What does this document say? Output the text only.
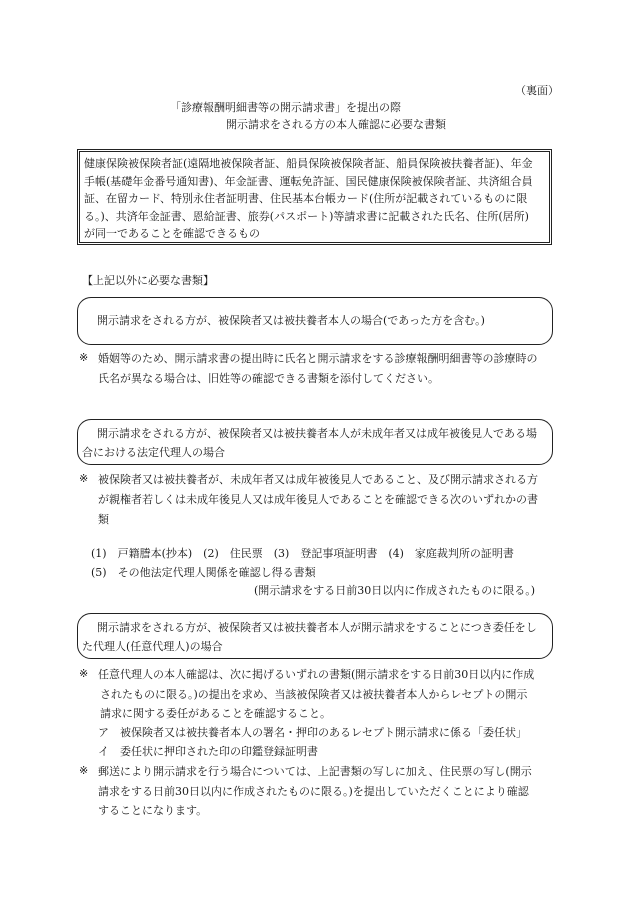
（裏面）
「診療報酬明細書等の開示請求書」を提出の際
開示請求をされる方の本人確認に必要な書類
健康保険被保険者証(遠隔地被保険者証、船員保険被保険者証、船員保険被扶養者証)、年金
手帳(基礎年金番号通知書)、年金証書、運転免許証、国民健康保険被保険者証、共済組合員
証、在留カード、特別永住者証明書、住民基本台帳カード(住所が記載されているものに限
る。)、共済年金証書、恩給証書、旅券(パスポート)等請求書に記載された氏名、住所(居所)
が同一であることを確認できるもの
【上記以外に必要な書類】
開示請求をされる方が、被保険者又は被扶養者本人の場合(であった方を含む。)
※ 婚姻等のため、開示請求書の提出時に氏名と開示請求をする診療報酬明細書等の診療時の
氏名が異なる場合は、旧姓等の確認できる書類を添付してください。
開示請求をされる方が、被保険者又は被扶養者本人が未成年者又は成年被後見人である場
合における法定代理人の場合
※ 被保険者又は被扶養者が、未成年者又は成年被後見人であること、及び開示請求される方
が親権者若しくは未成年後見人又は成年後見人であることを確認できる次のいずれかの書
類
(1)　戸籍謄本(抄本)　(2)　住民票　(3)　登記事項証明書　(4)　家庭裁判所の証明書
(5)　その他法定代理人関係を確認し得る書類
(開示請求をする日前30日以内に作成されたものに限る。)
開示請求をされる方が、被保険者又は被扶養者本人が開示請求をすることにつき委任をし
た代理人(任意代理人)の場合
※ 任意代理人の本人確認は、次に掲げるいずれの書類(開示請求をする日前30日以内に作成
されたものに限る。)の提出を求め、当該被保険者又は被扶養者本人からレセプトの開示
請求に関する委任があることを確認すること。
ア　被保険者又は被扶養者本人の署名・押印のあるレセプト開示請求に係る「委任状」
イ　委任状に押印された印の印鑑登録証明書
※ 郵送により開示請求を行う場合については、上記書類の写しに加え、住民票の写し(開示
請求をする日前30日以内に作成されたものに限る。)を提出していただくことにより確認
することになります。
